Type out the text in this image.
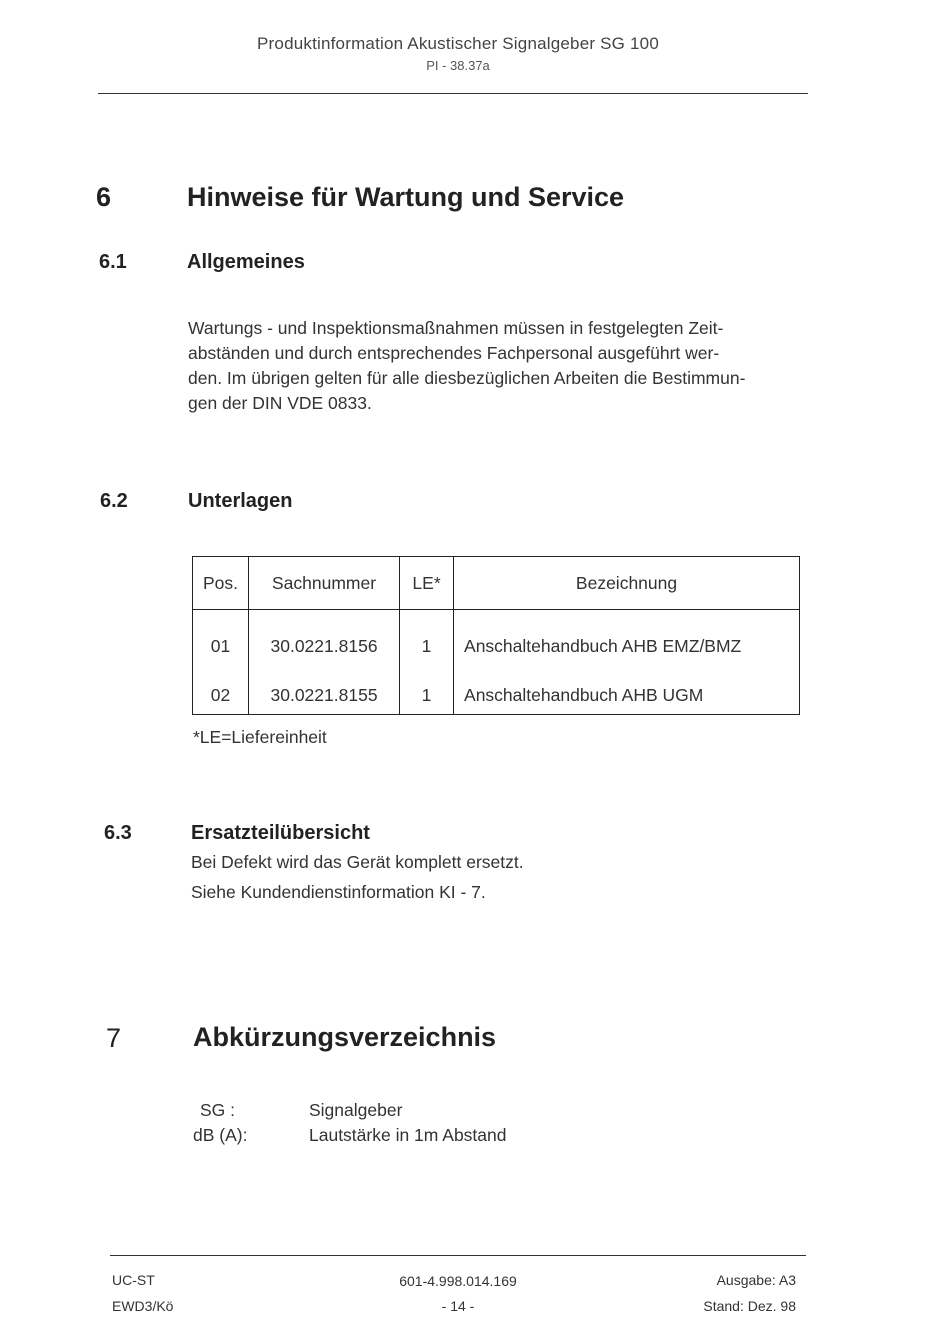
Produktinformation Akustischer Signalgeber SG 100
PI - 38.37a
6	Hinweise für Wartung und Service
6.1	Allgemeines
Wartungs - und Inspektionsmaßnahmen müssen in festgelegten Zeit-
abständen und durch entsprechendes Fachpersonal ausgeführt wer-
den. Im übrigen gelten für alle diesbezüglichen Arbeiten die Bestimmun-
gen der DIN VDE 0833.
6.2	Unterlagen
Pos.	Sachnummer	LE*	Bezeichnung
01	30.0221.8156	1	Anschaltehandbuch AHB EMZ/BMZ
02	30.0221.8155	1	Anschaltehandbuch AHB UGM
*LE=Liefereinheit
6.3	Ersatzteilübersicht
Bei Defekt wird das Gerät komplett ersetzt.
Siehe Kundendienstinformation KI - 7.
7	Abkürzungsverzeichnis
SG :	Signalgeber
dB (A):	Lautstärke in 1m Abstand
UC-ST
EWD3/Kö
601-4.998.014.169
- 14 -
Ausgabe: A3
Stand: Dez. 98
